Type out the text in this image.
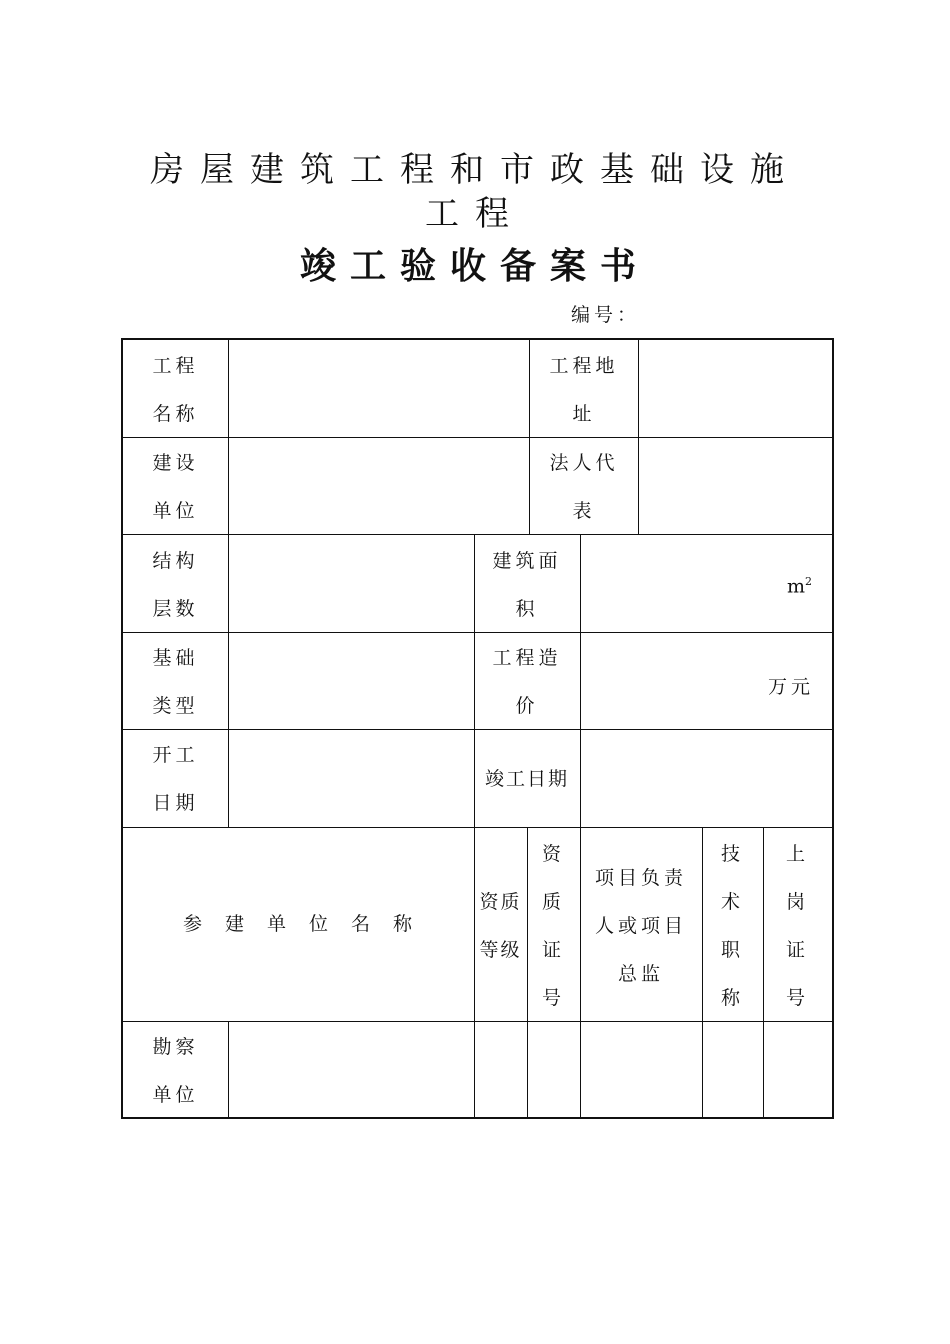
房屋建筑工程和市政基础设施工程
竣工验收备案书
编号：
工程
名称
工程地
址
建设
单位
法人代
表
结构
层数
建筑面
积
$m^2$
基础
类型
工程造
价
万元
开工
日期
竣工日期
参　建　单　位　名　称
资质
等级
资
质
证
号
项目负责
人或项目
总监
技
术
职
称
上
岗
证
号
勘察
单位
